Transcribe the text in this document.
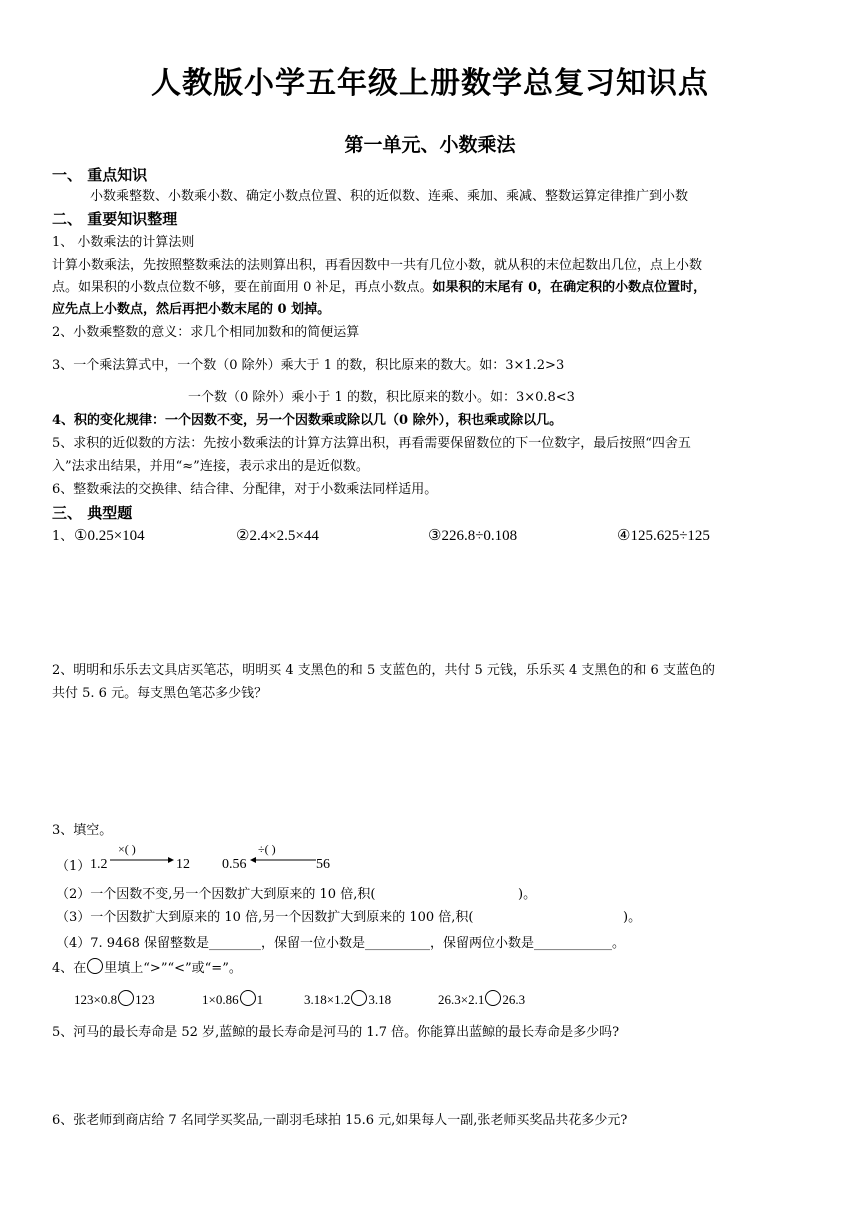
人教版小学五年级上册数学总复习知识点
第一单元、小数乘法
一、 重点知识
小数乘整数、小数乘小数、确定小数点位置、积的近似数、连乘、乘加、乘减、整数运算定律推广到小数
二、 重要知识整理
1、 小数乘法的计算法则
计算小数乘法，先按照整数乘法的法则算出积，再看因数中一共有几位小数，就从积的末位起数出几位，点上小数
点。如果积的小数点位数不够，要在前面用 0 补足，再点小数点。如果积的末尾有 0，在确定积的小数点位置时，
应先点上小数点，然后再把小数末尾的 0 划掉。
2、小数乘整数的意义：求几个相同加数和的简便运算
3、一个乘法算式中，一个数（0 除外）乘大于 1 的数，积比原来的数大。如：3×1.2>3
一个数（0 除外）乘小于 1 的数，积比原来的数小。如：3×0.8<3
4、积的变化规律：一个因数不变，另一个因数乘或除以几（0 除外），积也乘或除以几。
5、求积的近似数的方法：先按小数乘法的计算方法算出积，再看需要保留数位的下一位数字，最后按照“四舍五
入”法求出结果，并用“≈”连接，表示求出的是近似数。
6、整数乘法的交换律、结合律、分配律，对于小数乘法同样适用。
三、 典型题
1、 ①0.25×104	②2.4×2.5×44	③226.8÷0.108	④125.625÷125
2、明明和乐乐去文具店买笔芯，明明买 4 支黑色的和 5 支蓝色的，共付 5 元钱，乐乐买 4 支黑色的和 6 支蓝色的
共付 5. 6 元。每支黑色笔芯多少钱？
3、填空。
（1） 1.2
×( )
12 0.56
÷( )
56
（2）一个因数不变,另一个因数扩大到原来的 10 倍,积(	)。
（3）一个因数扩大到原来的 10 倍,另一个因数扩大到原来的 100 倍,积(	)。
（4）7. 9468 保留整数是________，保留一位小数是__________，保留两位小数是____________。
4、在 里填上“>”“<”或“=”。
123×0.8 123	1×0.86 1	3.18×1.2 3.18	26.3×2.1 26.3
5、河马的最长寿命是 52 岁,蓝鲸的最长寿命是河马的 1.7 倍。你能算出蓝鲸的最长寿命是多少吗?
6、张老师到商店给 7 名同学买奖品,一副羽毛球拍 15.6 元,如果每人一副,张老师买奖品共花多少元?
